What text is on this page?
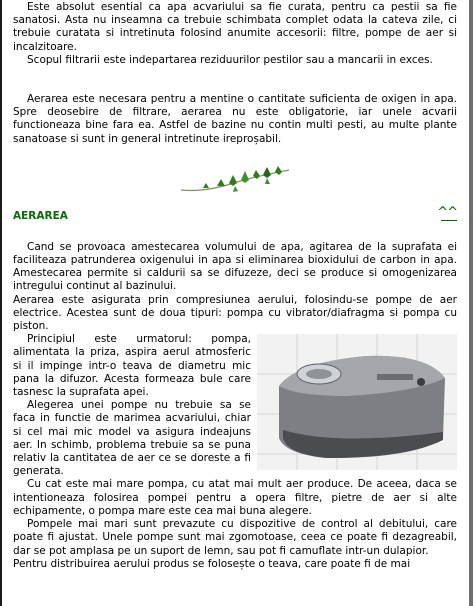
Este absolut esential ca apa acvariului sa fie curata, pentru ca pestii sa fie sanatosi. Asta nu inseamna ca trebuie schimbata complet odata la cateva zile, ci trebuie curatata si intretinuta folosind anumite accesorii: filtre, pompe de aer si incalzitoare.

Scopul filtrarii este indepartarea reziduurilor pestilor sau a mancarii in exces.

Aerarea este necesara pentru a mentine o cantitate suficienta de oxigen in apa. Spre deosebire de filtrare, aerarea nu este obligatorie, iar unele acvarii functioneaza bine fara ea. Astfel de bazine nu contin multi pesti, au multe plante sanatoase si sunt in general intretinute ireproșabil.

AERAREA	^^

Cand se provoaca amestecarea volumului de apa, agitarea de la suprafata ei faciliteaza patrunderea oxigenului in apa si eliminarea bioxidului de carbon in apa. Amestecarea permite si caldurii sa se difuzeze, deci se produce si omogenizarea intregului continut al bazinului.

Aerarea este asigurata prin compresiunea aerului, folosindu-se pompe de aer electrice. Acestea sunt de doua tipuri: pompa cu vibrator/diafragma si pompa cu piston.

Principiul este urmatorul: pompa, alimentata la priza, aspira aerul atmosferic si il impinge intr-o teava de diametru mic pana la difuzor. Acesta formeaza bule care tasnesc la suprafata apei.

Alegerea unei pompe nu trebuie sa se faca in functie de marimea acvariului, chiar si cel mai mic model va asigura indeajuns aer. In schimb, problema trebuie sa se puna relativ la cantitatea de aer ce se doreste a fi generata.

Cu cat este mai mare pompa, cu atat mai mult aer produce. De aceea, daca se intentioneaza folosirea pompei pentru a opera filtre, pietre de aer si alte echipamente, o pompa mare este cea mai buna alegere.

Pompele mai mari sunt prevazute cu dispozitive de control al debitului, care poate fi ajustat. Unele pompe sunt mai zgomotoase, ceea ce poate fi dezagreabil, dar se pot amplasa pe un suport de lemn, sau pot fi camuflate intr-un dulapior.

Pentru distribuirea aerului produs se folosește o teava, care poate fi de mai
